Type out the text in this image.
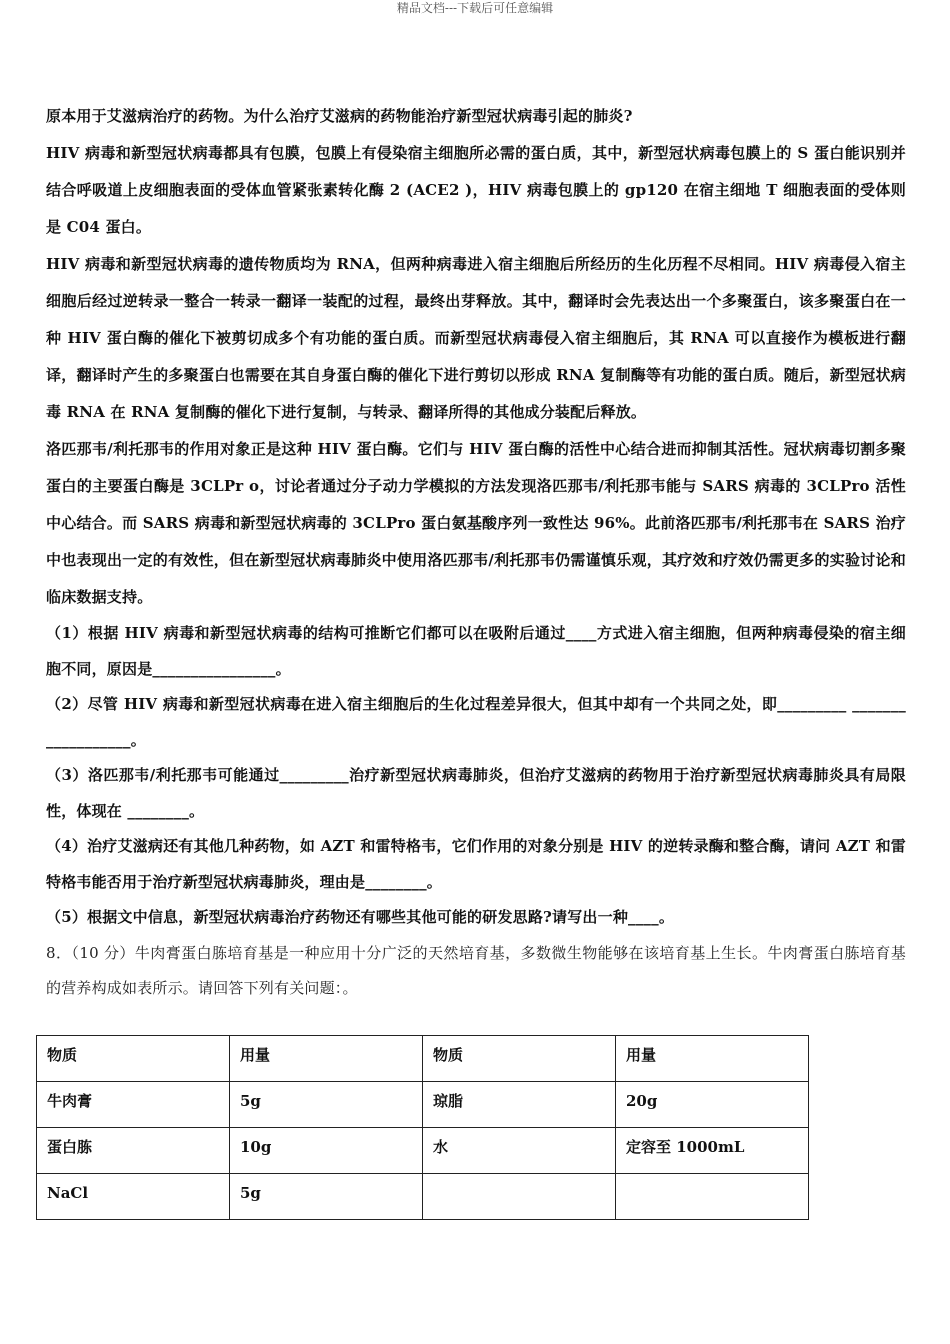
精品文档---下载后可任意编辑

原本用于艾滋病治疗的药物。为什么治疗艾滋病的药物能治疗新型冠状病毒引起的肺炎?

HIV 病毒和新型冠状病毒都具有包膜，包膜上有侵染宿主细胞所必需的蛋白质，其中，新型冠状病毒包膜上的 S 蛋白能识别并结合呼吸道上皮细胞表面的受体血管紧张素转化酶 2 (ACE2 )，HIV 病毒包膜上的 gp120 在宿主细地 T 细胞表面的受体则是 C04 蛋白。

HIV 病毒和新型冠状病毒的遗传物质均为 RNA，但两种病毒进入宿主细胞后所经历的生化历程不尽相同。HIV 病毒侵入宿主细胞后经过逆转录一整合一转录一翻译一装配的过程，最终出芽释放。其中，翻译时会先表达出一个多聚蛋白，该多聚蛋白在一种 HIV 蛋白酶的催化下被剪切成多个有功能的蛋白质。而新型冠状病毒侵入宿主细胞后，其 RNA 可以直接作为模板进行翻译，翻译时产生的多聚蛋白也需要在其自身蛋白酶的催化下进行剪切以形成 RNA 复制酶等有功能的蛋白质。随后，新型冠状病毒 RNA 在 RNA 复制酶的催化下进行复制，与转录、翻译所得的其他成分装配后释放。

洛匹那韦/利托那韦的作用对象正是这种 HIV 蛋白酶。它们与 HIV 蛋白酶的活性中心结合进而抑制其活性。冠状病毒切割多聚蛋白的主要蛋白酶是 3CLPr o，讨论者通过分子动力学模拟的方法发现洛匹那韦/利托那韦能与 SARS 病毒的 3CLPro 活性中心结合。而 SARS 病毒和新型冠状病毒的 3CLPro 蛋白氨基酸序列一致性达 96%。此前洛匹那韦/利托那韦在 SARS 治疗中也表现出一定的有效性，但在新型冠状病毒肺炎中使用洛匹那韦/利托那韦仍需谨慎乐观，其疗效和疗效仍需更多的实验讨论和临床数据支持。

（1）根据 HIV 病毒和新型冠状病毒的结构可推断它们都可以在吸附后通过____方式进入宿主细胞，但两种病毒侵染的宿主细胞不同，原因是________________。

（2）尽管 HIV 病毒和新型冠状病毒在进入宿主细胞后的生化过程差异很大，但其中却有一个共同之处，即_________ __________________。

（3）洛匹那韦/利托那韦可能通过_________治疗新型冠状病毒肺炎，但治疗艾滋病的药物用于治疗新型冠状病毒肺炎具有局限性，体现在 ________。

（4）治疗艾滋病还有其他几种药物，如 AZT 和雷特格韦，它们作用的对象分别是 HIV 的逆转录酶和整合酶，请问 AZT 和雷特格韦能否用于治疗新型冠状病毒肺炎，理由是________。

（5）根据文中信息，新型冠状病毒治疗药物还有哪些其他可能的研发思路?请写出一种____。

8．（10 分）牛肉膏蛋白胨培育基是一种应用十分广泛的天然培育基，多数微生物能够在该培育基上生长。牛肉膏蛋白胨培育基的营养构成如表所示。请回答下列有关问题：。

物质	用量	物质	用量
牛肉膏	5g	琼脂	20g
蛋白胨	10g	水	定容至 1000mL
NaCl	5g		
